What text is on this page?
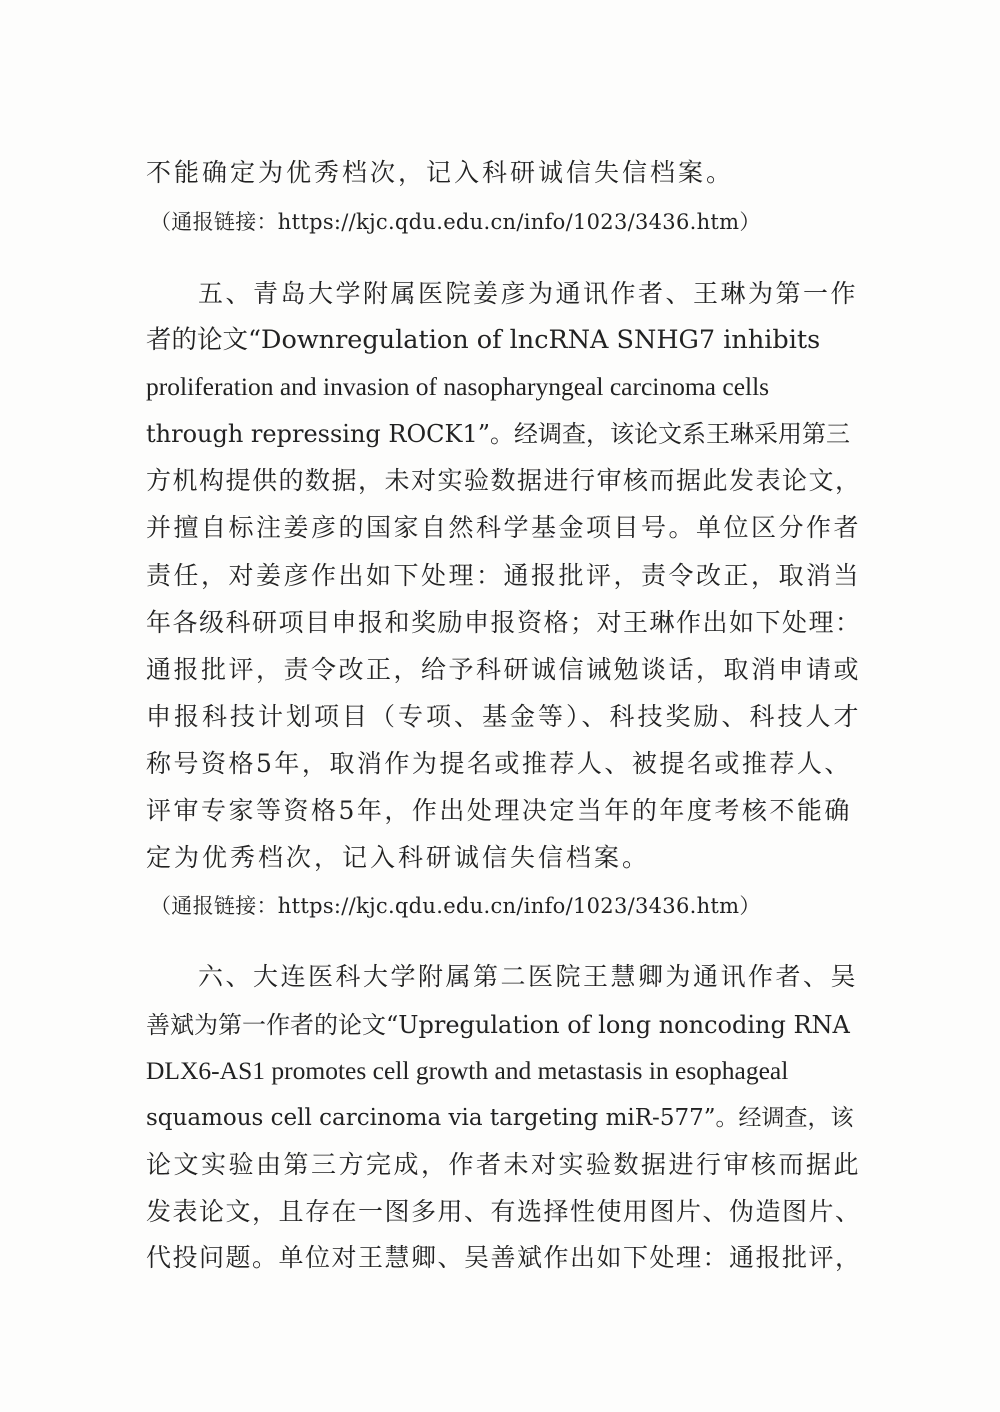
不能确定为优秀档次，记入科研诚信失信档案。
（通报链接：https://kjc.qdu.edu.cn/info/1023/3436.htm）
五、青岛大学附属医院姜彦为通讯作者、王琳为第一作
者的论文“Downregulation of lncRNA SNHG7 inhibits
proliferation and invasion of nasopharyngeal carcinoma cells
through repressing ROCK1”。经调查，该论文系王琳采用第三
方机构提供的数据，未对实验数据进行审核而据此发表论文，
并擅自标注姜彦的国家自然科学基金项目号。单位区分作者
责任，对姜彦作出如下处理：通报批评，责令改正，取消当
年各级科研项目申报和奖励申报资格；对王琳作出如下处理：
通报批评，责令改正，给予科研诚信诫勉谈话，取消申请或
申报科技计划项目（专项、基金等）、科技奖励、科技人才
称号资格5年，取消作为提名或推荐人、被提名或推荐人、
评审专家等资格5年，作出处理决定当年的年度考核不能确
定为优秀档次，记入科研诚信失信档案。
（通报链接：https://kjc.qdu.edu.cn/info/1023/3436.htm）
六、大连医科大学附属第二医院王慧卿为通讯作者、吴
善斌为第一作者的论文“Upregulation of long noncoding RNA
DLX6-AS1 promotes cell growth and metastasis in esophageal
squamous cell carcinoma via targeting miR-577”。经调查，该
论文实验由第三方完成，作者未对实验数据进行审核而据此
发表论文，且存在一图多用、有选择性使用图片、伪造图片、
代投问题。单位对王慧卿、吴善斌作出如下处理：通报批评，
